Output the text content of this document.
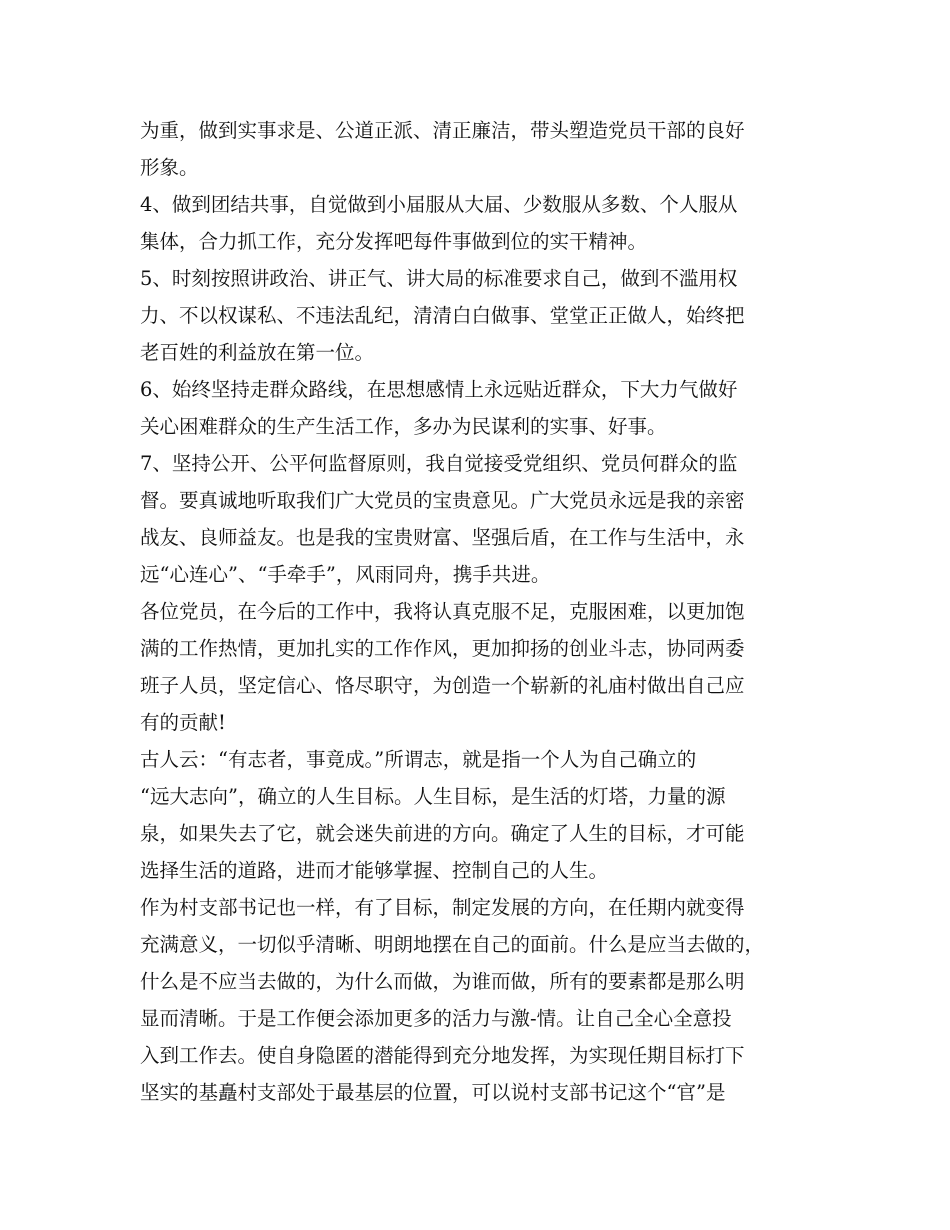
为重，做到实事求是、公道正派、清正廉洁，带头塑造党员干部的良好
形象。
4、做到团结共事，自觉做到小届服从大届、少数服从多数、个人服从
集体，合力抓工作，充分发挥吧每件事做到位的实干精神。
5、时刻按照讲政治、讲正气、讲大局的标准要求自己，做到不滥用权
力、不以权谋私、不违法乱纪，清清白白做事、堂堂正正做人，始终把
老百姓的利益放在第一位。
6、始终坚持走群众路线，在思想感情上永远贴近群众，下大力气做好
关心困难群众的生产生活工作，多办为民谋利的实事、好事。
7、坚持公开、公平何监督原则，我自觉接受党组织、党员何群众的监
督。要真诚地听取我们广大党员的宝贵意见。广大党员永远是我的亲密
战友、良师益友。也是我的宝贵财富、坚强后盾，在工作与生活中，永
远“心连心”、“手牵手”，风雨同舟，携手共进。
各位党员，在今后的工作中，我将认真克服不足，克服困难，以更加饱
满的工作热情，更加扎实的工作作风，更加抑扬的创业斗志，协同两委
班子人员，坚定信心、恪尽职守，为创造一个崭新的礼庙村做出自己应
有的贡献!
古人云：“有志者，事竟成。”所谓志，就是指一个人为自己确立的
“远大志向”，确立的人生目标。人生目标，是生活的灯塔，力量的源
泉，如果失去了它，就会迷失前进的方向。确定了人生的目标，才可能
选择生活的道路，进而才能够掌握、控制自己的人生。
作为村支部书记也一样，有了目标，制定发展的方向，在任期内就变得
充满意义，一切似乎清晰、明朗地摆在自己的面前。什么是应当去做的，
什么是不应当去做的，为什么而做，为谁而做，所有的要素都是那么明
显而清晰。于是工作便会添加更多的活力与激-情。让自己全心全意投
入到工作去。使自身隐匿的潜能得到充分地发挥，为实现任期目标打下
坚实的基矗村支部处于最基层的位置，可以说村支部书记这个“官”是
